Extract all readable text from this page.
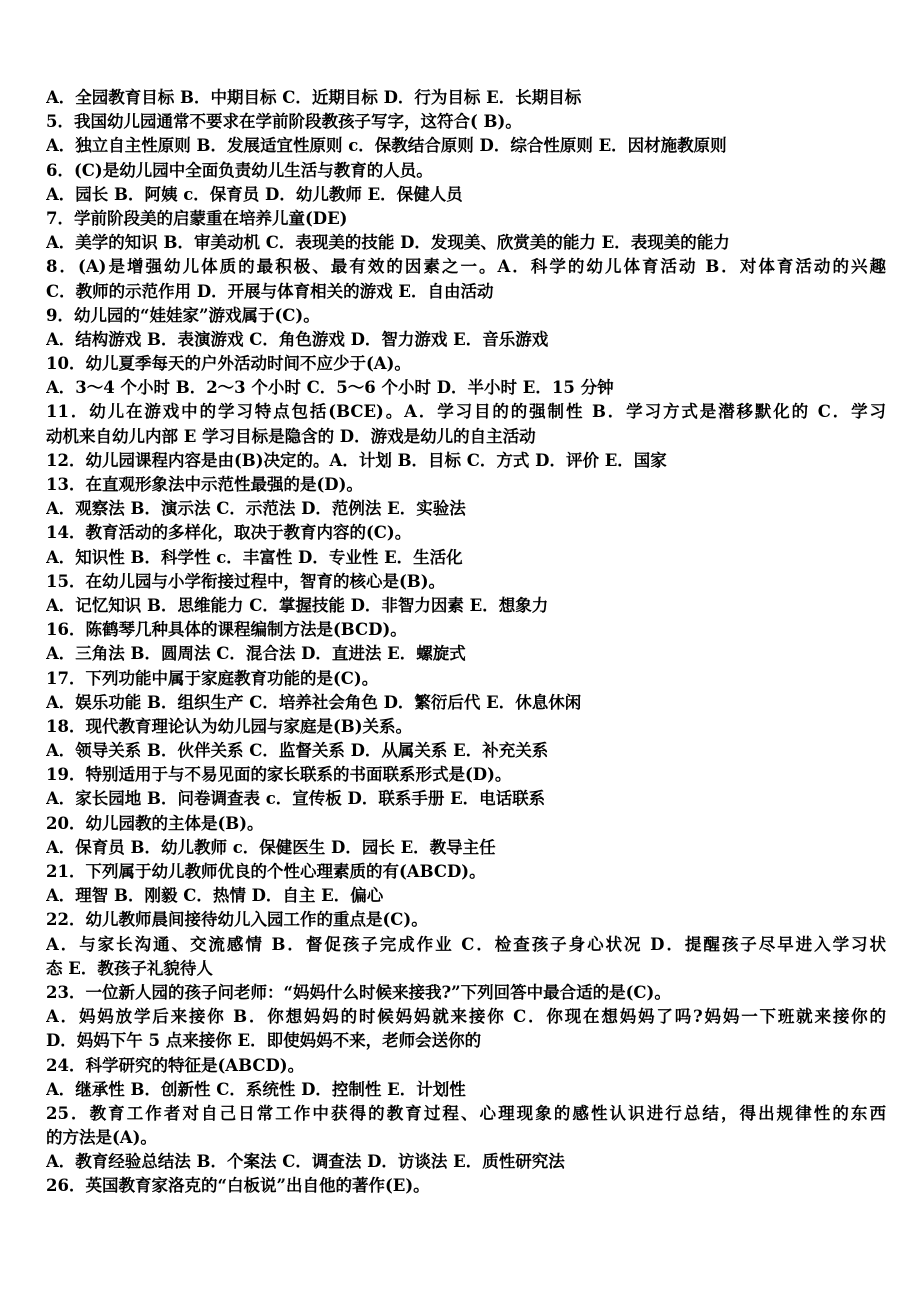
A．全园教育目标 B．中期目标 C．近期目标 D．行为目标 E．长期目标
5．我国幼儿园通常不要求在学前阶段教孩子写字，这符合( B)。
A．独立自主性原则 B．发展适宜性原则 c．保教结合原则 D．综合性原则 E．因材施教原则
6．(C)是幼儿园中全面负责幼儿生活与教育的人员。
A．园长 B．阿姨 c．保育员 D．幼儿教师 E．保健人员
7．学前阶段美的启蒙重在培养儿童(DE)
A．美学的知识 B．审美动机 C．表现美的技能 D．发现美、欣赏美的能力 E．表现美的能力
8．(A)是增强幼儿体质的最积极、最有效的因素之一。A．科学的幼儿体育活动 B．对体育活动的兴趣
C．教师的示范作用 D．开展与体育相关的游戏 E．自由活动
9．幼儿园的“娃娃家”游戏属于(C)。
A．结构游戏 B．表演游戏 C．角色游戏 D．智力游戏 E．音乐游戏
10．幼儿夏季每天的户外活动时间不应少于(A)。
A．3～4 个小时 B．2～3 个小时 C．5～6 个小时 D．半小时 E．15 分钟
11．幼儿在游戏中的学习特点包括(BCE)。A．学习目的的强制性 B．学习方式是潜移默化的 C．学习
动机来自幼儿内部 E 学习目标是隐含的 D．游戏是幼儿的自主活动
12．幼儿园课程内容是由(B)决定的。A．计划 B．目标 C．方式 D．评价 E．国家
13．在直观形象法中示范性最强的是(D)。
A．观察法 B．演示法 C．示范法 D．范例法 E．实验法
14．教育活动的多样化，取决于教育内容的(C)。
A．知识性 B．科学性 c．丰富性 D．专业性 E．生活化
15．在幼儿园与小学衔接过程中，智育的核心是(B)。
A．记忆知识 B．思维能力 C．掌握技能 D．非智力因素 E．想象力
16．陈鹤琴几种具体的课程编制方法是(BCD)。
A．三角法 B．圆周法 C．混合法 D．直进法 E．螺旋式
17．下列功能中属于家庭教育功能的是(C)。
A．娱乐功能 B．组织生产 C．培养社会角色 D．繁衍后代 E．休息休闲
18．现代教育理论认为幼儿园与家庭是(B)关系。
A．领导关系 B．伙伴关系 C．监督关系 D．从属关系 E．补充关系
19．特别适用于与不易见面的家长联系的书面联系形式是(D)。
A．家长园地 B．问卷调查表 c．宣传板 D．联系手册 E．电话联系
20．幼儿园教的主体是(B)。
A．保育员 B．幼儿教师 c．保健医生 D．园长 E．教导主任
21．下列属于幼儿教师优良的个性心理素质的有(ABCD)。
A．理智 B．刚毅 C．热情 D．自主 E．偏心
22．幼儿教师晨间接待幼儿入园工作的重点是(C)。
A．与家长沟通、交流感情 B．督促孩子完成作业 C．检查孩子身心状况 D．提醒孩子尽早进入学习状
态 E．教孩子礼貌待人
23．一位新人园的孩子问老师：“妈妈什么时候来接我?”下列回答中最合适的是(C)。
A．妈妈放学后来接你 B．你想妈妈的时候妈妈就来接你 C．你现在想妈妈了吗?妈妈一下班就来接你的
D．妈妈下午 5 点来接你 E．即使妈妈不来，老师会送你的
24．科学研究的特征是(ABCD)。
A．继承性 B．创新性 C．系统性 D．控制性 E．计划性
25．教育工作者对自己日常工作中获得的教育过程、心理现象的感性认识进行总结，得出规律性的东西
的方法是(A)。
A．教育经验总结法 B．个案法 C．调查法 D．访谈法 E．质性研究法
26．英国教育家洛克的“白板说”出自他的著作(E)。
